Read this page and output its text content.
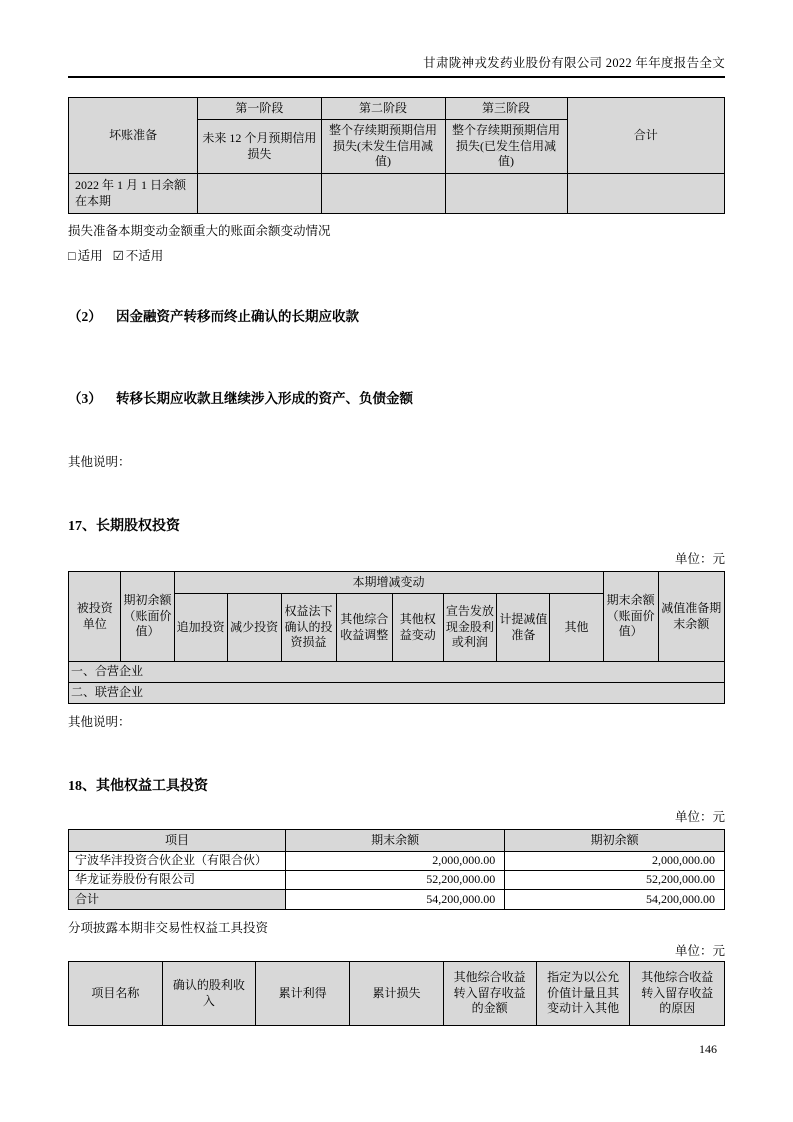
甘肃陇神戎发药业股份有限公司 2022 年年度报告全文
坏账准备	第一阶段	第二阶段	第三阶段	合计
	未来 12 个月预期信用损失	整个存续期预期信用损失(未发生信用减值)	整个存续期预期信用损失(已发生信用减值)	
2022 年 1 月 1 日余额在本期				
损失准备本期变动金额重大的账面余额变动情况
□ 适用 ☑ 不适用
（2）	因金融资产转移而终止确认的长期应收款
（3）	转移长期应收款且继续涉入形成的资产、负债金额
其他说明：
17、长期股权投资
单位：元
被投资单位	期初余额（账面价值）	本期增减变动								期末余额（账面价值）	减值准备期末余额
		追加投资	减少投资	权益法下确认的投资损益	其他综合收益调整	其他权益变动	宣告发放现金股利或利润	计提减值准备	其他		
一、合营企业											
二、联营企业											
其他说明：
18、其他权益工具投资
单位：元
项目	期末余额	期初余额
宁波华沣投资合伙企业（有限合伙）	2,000,000.00	2,000,000.00
华龙证券股份有限公司	52,200,000.00	52,200,000.00
合计	54,200,000.00	54,200,000.00
分项披露本期非交易性权益工具投资
单位：元
项目名称	确认的股利收入	累计利得	累计损失	其他综合收益转入留存收益的金额	指定为以公允价值计量且其变动计入其他	其他综合收益转入留存收益的原因
146
